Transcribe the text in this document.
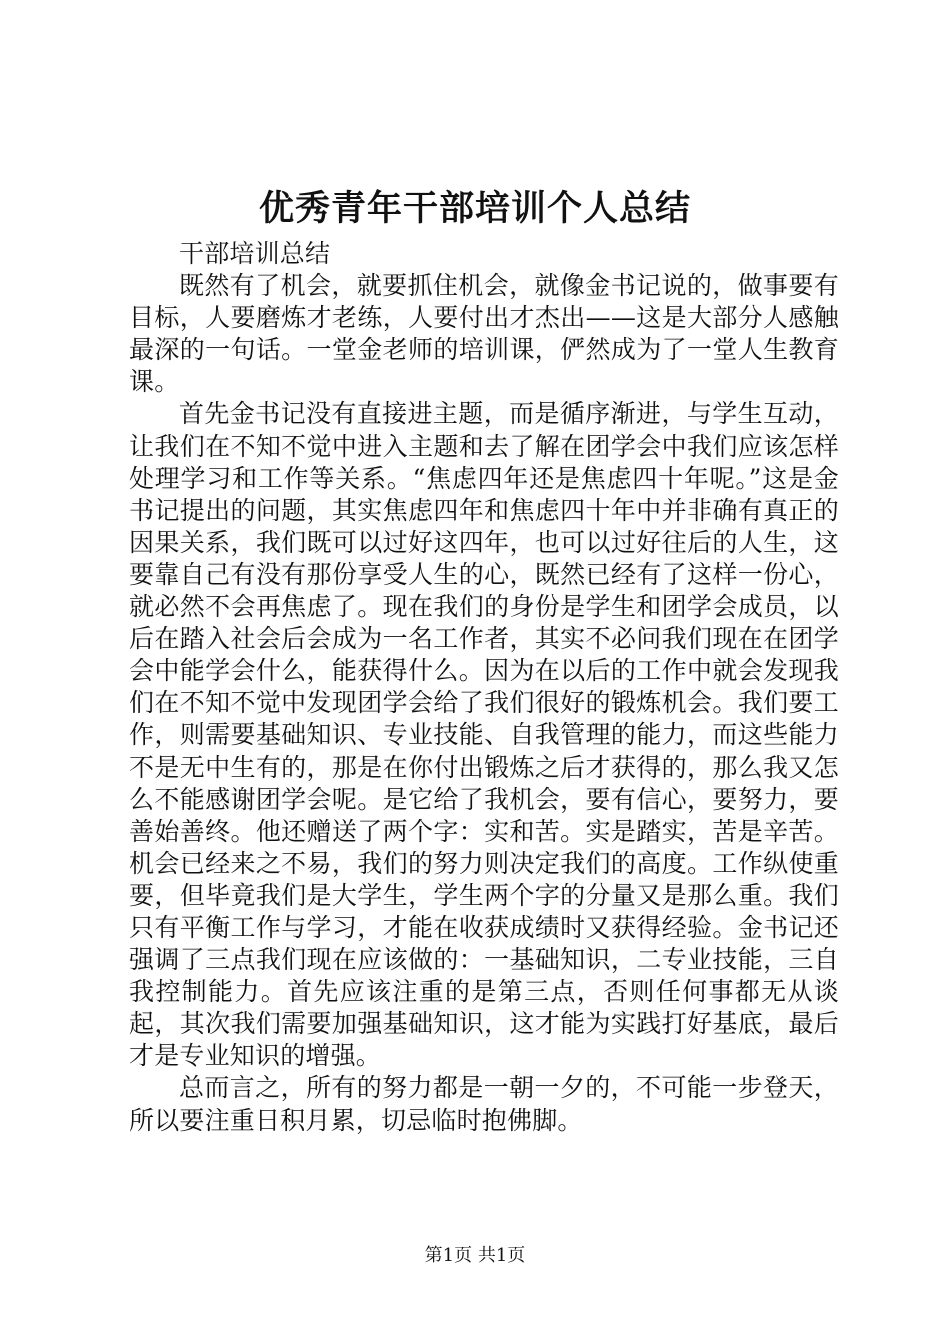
优秀青年干部培训个人总结

干部培训总结

既然有了机会，就要抓住机会，就像金书记说的，做事要有目标，人要磨炼才老练，人要付出才杰出——这是大部分人感触最深的一句话。一堂金老师的培训课，俨然成为了一堂人生教育课。

首先金书记没有直接进主题，而是循序渐进，与学生互动，让我们在不知不觉中进入主题和去了解在团学会中我们应该怎样处理学习和工作等关系。“焦虑四年还是焦虑四十年呢。”这是金书记提出的问题，其实焦虑四年和焦虑四十年中并非确有真正的因果关系，我们既可以过好这四年，也可以过好往后的人生，这要靠自己有没有那份享受人生的心，既然已经有了这样一份心，就必然不会再焦虑了。现在我们的身份是学生和团学会成员，以后在踏入社会后会成为一名工作者，其实不必问我们现在在团学会中能学会什么，能获得什么。因为在以后的工作中就会发现我们在不知不觉中发现团学会给了我们很好的锻炼机会。我们要工作，则需要基础知识、专业技能、自我管理的能力，而这些能力不是无中生有的，那是在你付出锻炼之后才获得的，那么我又怎么不能感谢团学会呢。是它给了我机会，要有信心，要努力，要善始善终。他还赠送了两个字：实和苦。实是踏实，苦是辛苦。机会已经来之不易，我们的努力则决定我们的高度。工作纵使重要，但毕竟我们是大学生，学生两个字的分量又是那么重。我们只有平衡工作与学习，才能在收获成绩时又获得经验。金书记还强调了三点我们现在应该做的：一基础知识，二专业技能，三自我控制能力。首先应该注重的是第三点，否则任何事都无从谈起，其次我们需要加强基础知识，这才能为实践打好基底，最后才是专业知识的增强。

总而言之，所有的努力都是一朝一夕的，不可能一步登天，所以要注重日积月累，切忌临时抱佛脚。

第1页 共1页
